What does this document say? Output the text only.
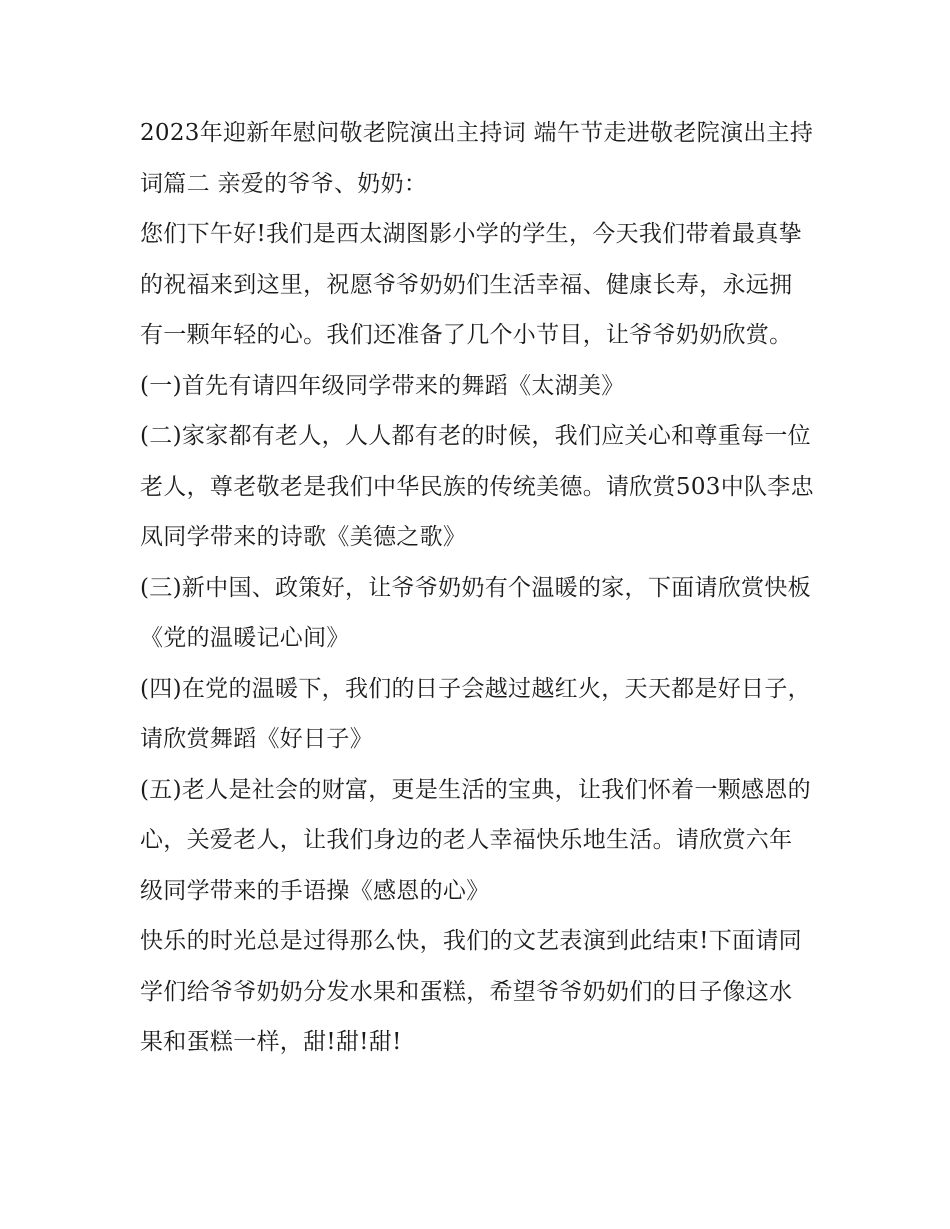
2023年迎新年慰问敬老院演出主持词 端午节走进敬老院演出主持词篇二 亲爱的爷爷、奶奶：

您们下午好!我们是西太湖图影小学的学生，今天我们带着最真挚的祝福来到这里，祝愿爷爷奶奶们生活幸福、健康长寿，永远拥有一颗年轻的心。我们还准备了几个小节目，让爷爷奶奶欣赏。

(一)首先有请四年级同学带来的舞蹈《太湖美》

(二)家家都有老人，人人都有老的时候，我们应关心和尊重每一位老人，尊老敬老是我们中华民族的传统美德。请欣赏503中队李忠凤同学带来的诗歌《美德之歌》

(三)新中国、政策好，让爷爷奶奶有个温暖的家，下面请欣赏快板《党的温暖记心间》

(四)在党的温暖下，我们的日子会越过越红火，天天都是好日子，请欣赏舞蹈《好日子》

(五)老人是社会的财富，更是生活的宝典，让我们怀着一颗感恩的心，关爱老人，让我们身边的老人幸福快乐地生活。请欣赏六年级同学带来的手语操《感恩的心》

快乐的时光总是过得那么快，我们的文艺表演到此结束!下面请同学们给爷爷奶奶分发水果和蛋糕，希望爷爷奶奶们的日子像这水果和蛋糕一样，甜!甜!甜!
